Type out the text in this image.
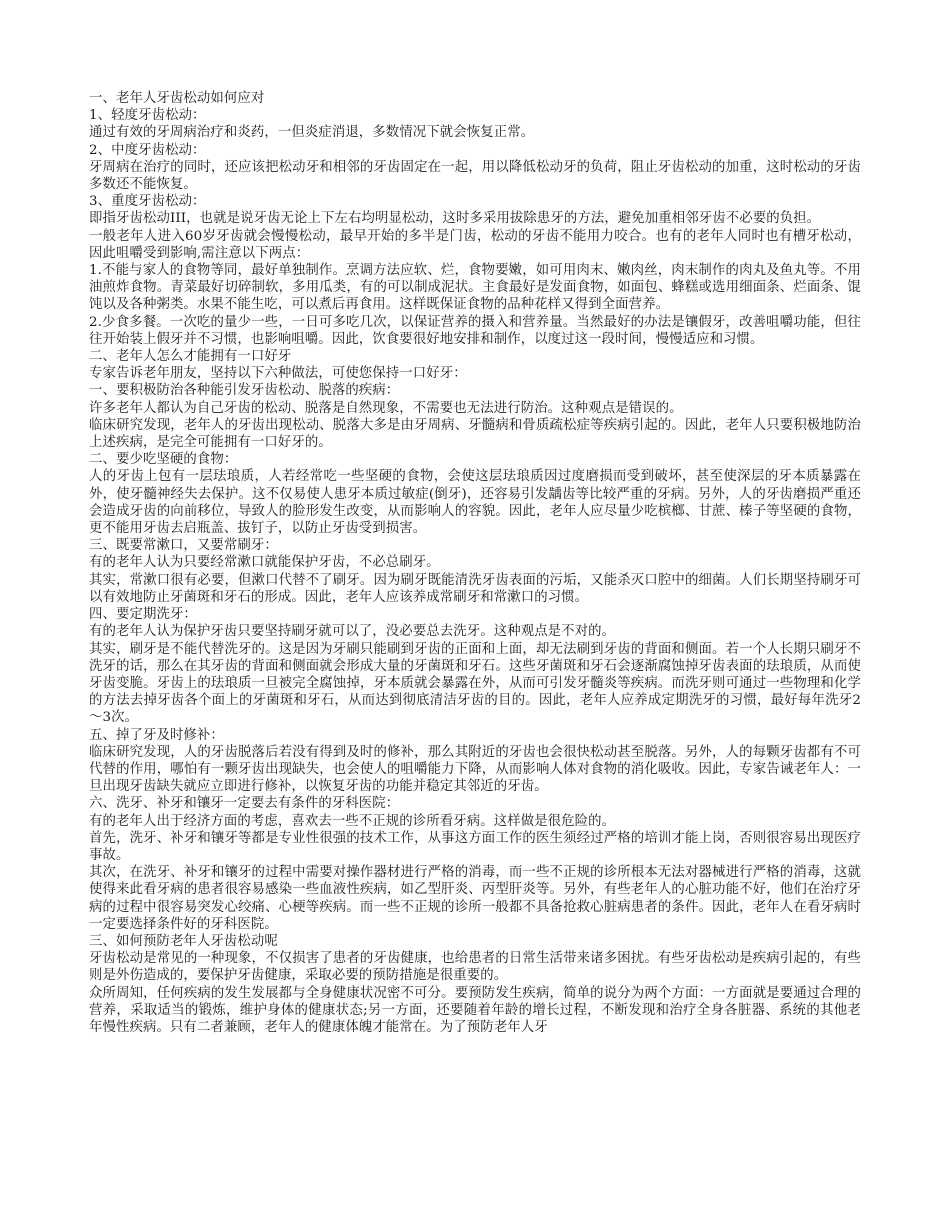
一、老年人牙齿松动如何应对

1、轻度牙齿松动：

通过有效的牙周病治疗和炎药，一但炎症消退，多数情况下就会恢复正常。

2、中度牙齿松动：

牙周病在治疗的同时，还应该把松动牙和相邻的牙齿固定在一起，用以降低松动牙的负荷，阻止牙齿松动的加重，这时松动的牙齿多数还不能恢复。

3、重度牙齿松动：

即指牙齿松动III，也就是说牙齿无论上下左右均明显松动，这时多采用拔除患牙的方法，避免加重相邻牙齿不必要的负担。

一般老年人进入60岁牙齿就会慢慢松动，最早开始的多半是门齿，松动的牙齿不能用力咬合。也有的老年人同时也有槽牙松动，因此咀嚼受到影响,需注意以下两点：

1.不能与家人的食物等同，最好单独制作。烹调方法应软、烂，食物要嫩，如可用肉末、嫩肉丝，肉末制作的肉丸及鱼丸等。不用油煎炸食物。青菜最好切碎制软，多用瓜类，有的可以制成泥状。主食最好是发面食物，如面包、蜂糕或选用细面条、烂面条、馄饨以及各种粥类。水果不能生吃，可以煮后再食用。这样既保证食物的品种花样又得到全面营养。

2.少食多餐。一次吃的量少一些，一日可多吃几次，以保证营养的摄入和营养量。当然最好的办法是镶假牙，改善咀嚼功能，但往往开始装上假牙并不习惯，也影响咀嚼。因此，饮食要很好地安排和制作，以度过这一段时间，慢慢适应和习惯。

二、老年人怎么才能拥有一口好牙

专家告诉老年朋友，坚持以下六种做法，可使您保持一口好牙：

一、要积极防治各种能引发牙齿松动、脱落的疾病：

许多老年人都认为自己牙齿的松动、脱落是自然现象，不需要也无法进行防治。这种观点是错误的。

临床研究发现，老年人的牙齿出现松动、脱落大多是由牙周病、牙髓病和骨质疏松症等疾病引起的。因此，老年人只要积极地防治上述疾病，是完全可能拥有一口好牙的。

二、要少吃坚硬的食物：

人的牙齿上包有一层珐琅质，人若经常吃一些坚硬的食物，会使这层珐琅质因过度磨损而受到破坏，甚至使深层的牙本质暴露在外，使牙髓神经失去保护。这不仅易使人患牙本质过敏症(倒牙)，还容易引发龋齿等比较严重的牙病。另外，人的牙齿磨损严重还会造成牙齿的向前移位，导致人的脸形发生改变，从而影响人的容貌。因此，老年人应尽量少吃槟榔、甘蔗、榛子等坚硬的食物，更不能用牙齿去启瓶盖、拔钉子，以防止牙齿受到损害。

三、既要常漱口，又要常刷牙：

有的老年人认为只要经常漱口就能保护牙齿，不必总刷牙。

其实，常漱口很有必要，但漱口代替不了刷牙。因为刷牙既能清洗牙齿表面的污垢，又能杀灭口腔中的细菌。人们长期坚持刷牙可以有效地防止牙菌斑和牙石的形成。因此，老年人应该养成常刷牙和常漱口的习惯。

四、要定期洗牙：

有的老年人认为保护牙齿只要坚持刷牙就可以了，没必要总去洗牙。这种观点是不对的。

其实，刷牙是不能代替洗牙的。这是因为牙刷只能刷到牙齿的正面和上面，却无法刷到牙齿的背面和侧面。若一个人长期只刷牙不洗牙的话，那么在其牙齿的背面和侧面就会形成大量的牙菌斑和牙石。这些牙菌斑和牙石会逐渐腐蚀掉牙齿表面的珐琅质，从而使牙齿变脆。牙齿上的珐琅质一旦被完全腐蚀掉，牙本质就会暴露在外，从而可引发牙髓炎等疾病。而洗牙则可通过一些物理和化学的方法去掉牙齿各个面上的牙菌斑和牙石，从而达到彻底清洁牙齿的目的。因此，老年人应养成定期洗牙的习惯，最好每年洗牙2～3次。

五、掉了牙及时修补：

临床研究发现，人的牙齿脱落后若没有得到及时的修补，那么其附近的牙齿也会很快松动甚至脱落。另外，人的每颗牙齿都有不可代替的作用，哪怕有一颗牙齿出现缺失，也会使人的咀嚼能力下降，从而影响人体对食物的消化吸收。因此，专家告诫老年人：一旦出现牙齿缺失就应立即进行修补，以恢复牙齿的功能并稳定其邻近的牙齿。

六、洗牙、补牙和镶牙一定要去有条件的牙科医院：

有的老年人出于经济方面的考虑，喜欢去一些不正规的诊所看牙病。这样做是很危险的。

首先，洗牙、补牙和镶牙等都是专业性很强的技术工作，从事这方面工作的医生须经过严格的培训才能上岗，否则很容易出现医疗事故。

其次，在洗牙、补牙和镶牙的过程中需要对操作器材进行严格的消毒，而一些不正规的诊所根本无法对器械进行严格的消毒，这就使得来此看牙病的患者很容易感染一些血液性疾病，如乙型肝炎、丙型肝炎等。另外，有些老年人的心脏功能不好，他们在治疗牙病的过程中很容易突发心绞痛、心梗等疾病。而一些不正规的诊所一般都不具备抢救心脏病患者的条件。因此，老年人在看牙病时一定要选择条件好的牙科医院。

三、如何预防老年人牙齿松动呢

牙齿松动是常见的一种现象，不仅损害了患者的牙齿健康，也给患者的日常生活带来诸多困扰。有些牙齿松动是疾病引起的，有些则是外伤造成的，要保护牙齿健康，采取必要的预防措施是很重要的。

众所周知，任何疾病的发生发展都与全身健康状况密不可分。要预防发生疾病，简单的说分为两个方面：一方面就是要通过合理的营养，采取适当的锻炼，维护身体的健康状态;另一方面，还要随着年龄的增长过程，不断发现和治疗全身各脏器、系统的其他老年慢性疾病。只有二者兼顾，老年人的健康体魄才能常在。为了预防老年人牙
